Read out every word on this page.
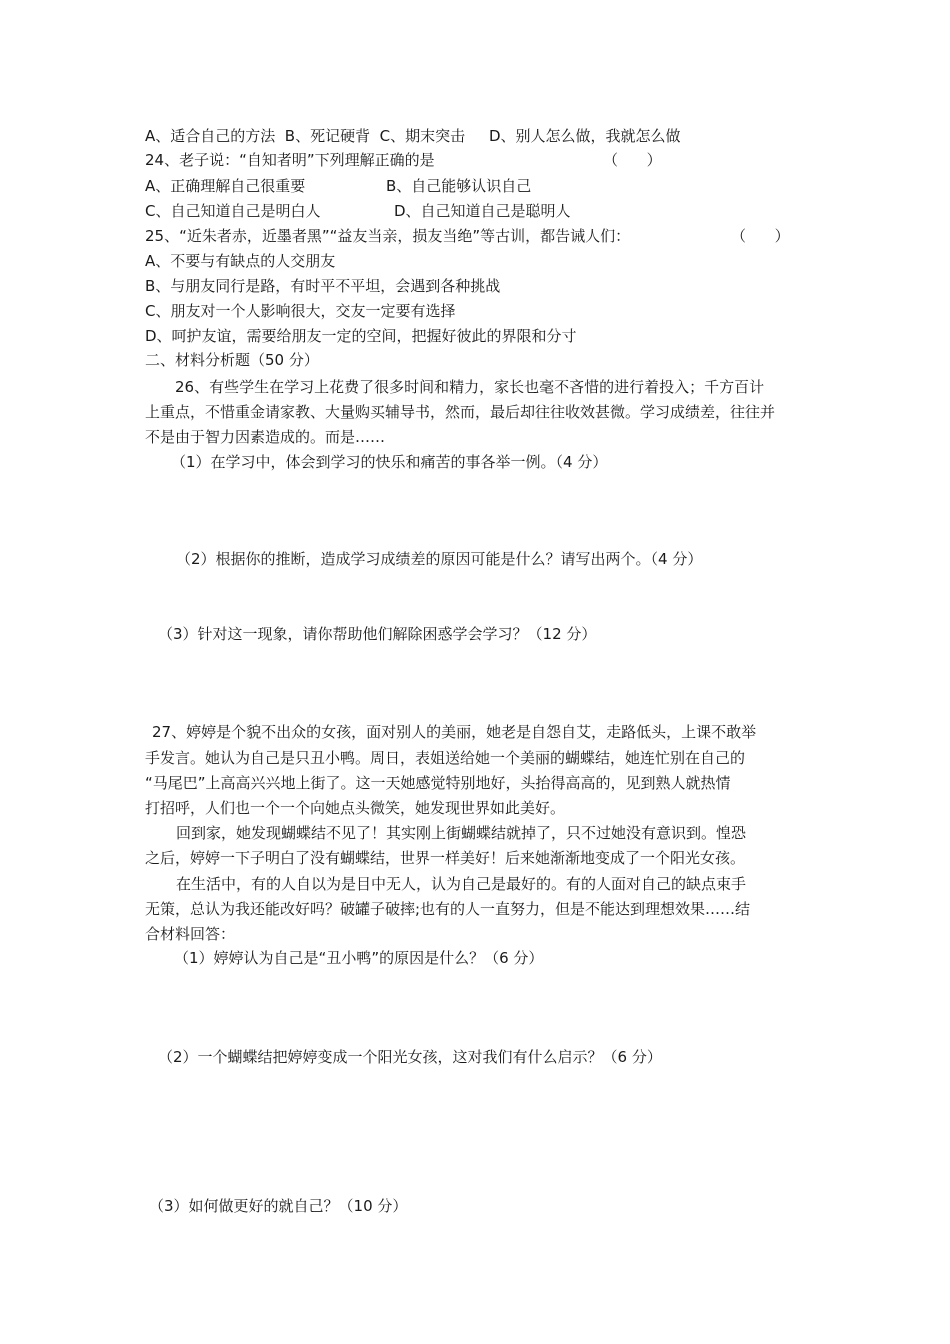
A、适合自己的方法  B、死记硬背  C、期末突击     D、别人怎么做，我就怎么做
24、老子说：“自知者明”下列理解正确的是	（      ）
A、正确理解自己很重要	B、自己能够认识自己
C、自己知道自己是明白人	D、自己知道自己是聪明人
25、“近朱者赤，近墨者黑”“益友当亲，损友当绝”等古训，都告诫人们：	（      ）
A、不要与有缺点的人交朋友
B、与朋友同行是路，有时平不平坦，会遇到各种挑战
C、朋友对一个人影响很大，交友一定要有选择
D、呵护友谊，需要给朋友一定的空间，把握好彼此的界限和分寸
二、材料分析题（50 分）
26、有些学生在学习上花费了很多时间和精力，家长也毫不吝惜的进行着投入；千方百计
上重点，不惜重金请家教、大量购买辅导书，然而，最后却往往收效甚微。学习成绩差，往往并
不是由于智力因素造成的。而是……
（1）在学习中，体会到学习的快乐和痛苦的事各举一例。（4 分）
（2）根据你的推断，造成学习成绩差的原因可能是什么？请写出两个。（4 分）
（3）针对这一现象，请你帮助他们解除困惑学会学习？（12 分）
27、婷婷是个貌不出众的女孩，面对别人的美丽，她老是自怨自艾，走路低头，上课不敢举
手发言。她认为自己是只丑小鸭。周日，表姐送给她一个美丽的蝴蝶结，她连忙别在自己的
“马尾巴”上高高兴兴地上街了。这一天她感觉特别地好，头抬得高高的，见到熟人就热情
打招呼，人们也一个一个向她点头微笑，她发现世界如此美好。
回到家，她发现蝴蝶结不见了！其实刚上街蝴蝶结就掉了，只不过她没有意识到。惶恐
之后，婷婷一下子明白了没有蝴蝶结，世界一样美好！后来她渐渐地变成了一个阳光女孩。
在生活中，有的人自以为是目中无人，认为自己是最好的。有的人面对自己的缺点束手
无策，总认为我还能改好吗？破罐子破摔;也有的人一直努力，但是不能达到理想效果……结
合材料回答：
（1）婷婷认为自己是“丑小鸭”的原因是什么？（6 分）
（2）一个蝴蝶结把婷婷变成一个阳光女孩，这对我们有什么启示？（6 分）
（3）如何做更好的就自己？（10 分）
